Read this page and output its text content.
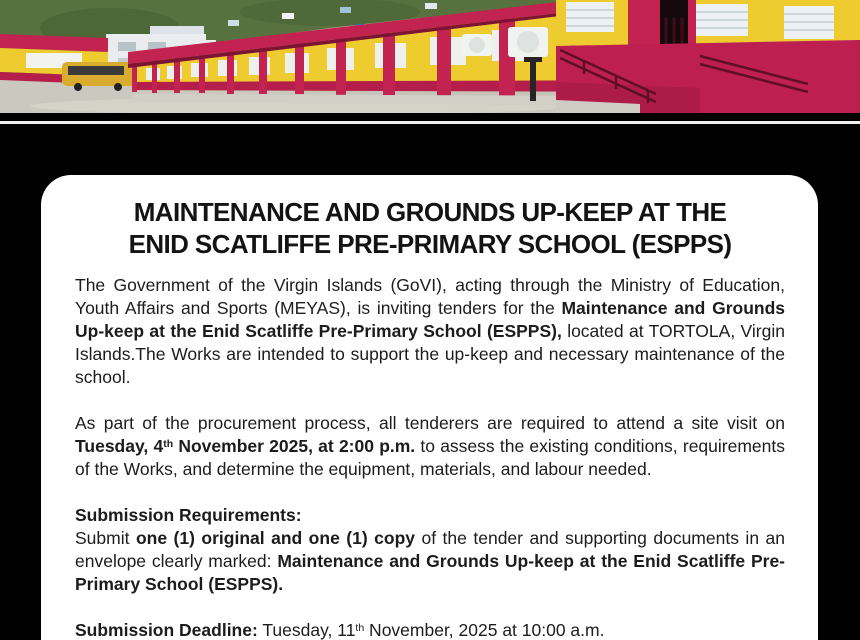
MAINTENANCE AND GROUNDS UP-KEEP AT THE
ENID SCATLIFFE PRE-PRIMARY SCHOOL (ESPPS)

The Government of the Virgin Islands (GoVI), acting through the Ministry of Education, Youth Affairs and Sports (MEYAS), is inviting tenders for the Maintenance and Grounds Up-keep at the Enid Scatliffe Pre-Primary School (ESPPS), located at TORTOLA, Virgin Islands.The Works are intended to support the up-keep and necessary maintenance of the school.

As part of the procurement process, all tenderers are required to attend a site visit on Tuesday, 4th November 2025, at 2:00 p.m. to assess the existing conditions, requirements of the Works, and determine the equipment, materials, and labour needed.

Submission Requirements:

Submit one (1) original and one (1) copy of the tender and supporting documents in an envelope clearly marked: Maintenance and Grounds Up-keep at the Enid Scatliffe Pre-Primary School (ESPPS).

Submission Deadline: Tuesday, 11th November, 2025 at 10:00 a.m.
